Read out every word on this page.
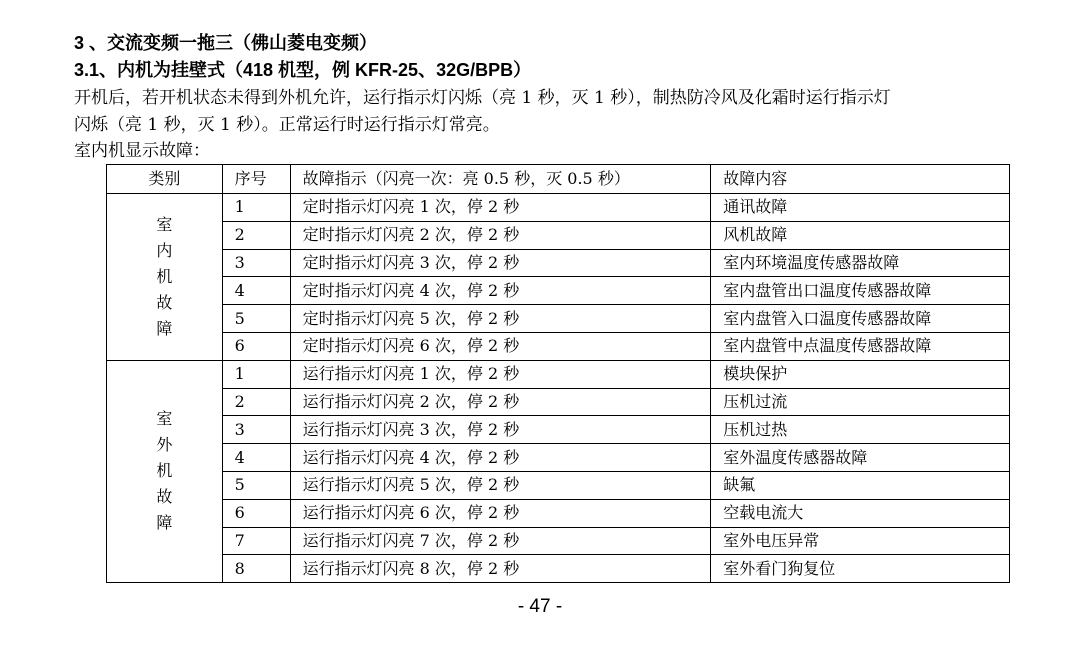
3 、交流变频一拖三（佛山菱电变频）
3.1、内机为挂壁式（418 机型，例 KFR-25、32G/BPB）
开机后，若开机状态未得到外机允许，运行指示灯闪烁（亮 1 秒，灭 1 秒），制热防冷风及化霜时运行指示灯
闪烁（亮 1 秒，灭 1 秒）。正常运行时运行指示灯常亮。
室内机显示故障：
类别	序号	故障指示（闪亮一次：亮 0.5 秒，灭 0.5 秒）	故障内容

室
内
机
故
障	1	定时指示灯闪亮 1 次，停 2 秒	通讯故障
	2	定时指示灯闪亮 2 次，停 2 秒	风机故障
	3	定时指示灯闪亮 3 次，停 2 秒	室内环境温度传感器故障
	4	定时指示灯闪亮 4 次，停 2 秒	室内盘管出口温度传感器故障
	5	定时指示灯闪亮 5 次，停 2 秒	室内盘管入口温度传感器故障
	6	定时指示灯闪亮 6 次，停 2 秒	室内盘管中点温度传感器故障

室
外
机
故
障	1	运行指示灯闪亮 1 次，停 2 秒	模块保护
	2	运行指示灯闪亮 2 次，停 2 秒	压机过流
	3	运行指示灯闪亮 3 次，停 2 秒	压机过热
	4	运行指示灯闪亮 4 次，停 2 秒	室外温度传感器故障
	5	运行指示灯闪亮 5 次，停 2 秒	缺氟
	6	运行指示灯闪亮 6 次，停 2 秒	空载电流大
	7	运行指示灯闪亮 7 次，停 2 秒	室外电压异常
	8	运行指示灯闪亮 8 次，停 2 秒	室外看门狗复位
- 47 -
